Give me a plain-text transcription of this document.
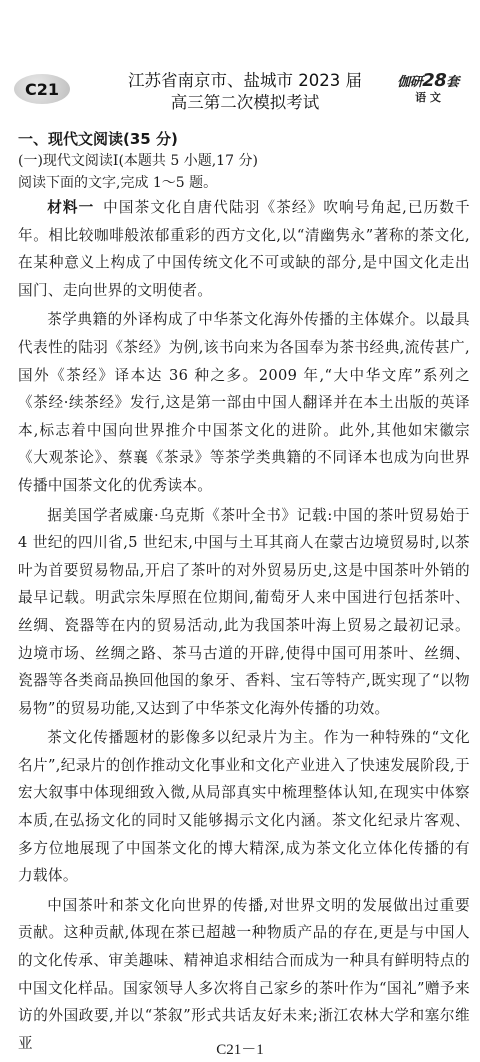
C21	江苏省南京市、盐城市 2023 届
高三第二次模拟考试
伽研28套
语 文
一、现代文阅读(35 分)
(一)现代文阅读Ⅰ(本题共 5 小题,17 分)
阅读下面的文字,完成 1～5 题。

材料一 中国茶文化自唐代陆羽《茶经》吹响号角起,已历数千年。相比较咖啡般浓郁重彩的西方文化,以“清幽隽永”著称的茶文化,在某种意义上构成了中国传统文化不可或缺的部分,是中国文化走出国门、走向世界的文明使者。

茶学典籍的外译构成了中华茶文化海外传播的主体媒介。以最具代表性的陆羽《茶经》为例,该书向来为各国奉为茶书经典,流传甚广,国外《茶经》译本达 36 种之多。2009 年,“大中华文库”系列之《茶经·续茶经》发行,这是第一部由中国人翻译并在本土出版的英译本,标志着中国向世界推介中国茶文化的进阶。此外,其他如宋徽宗《大观茶论》、蔡襄《茶录》等茶学类典籍的不同译本也成为向世界传播中国茶文化的优秀读本。

据美国学者威廉·乌克斯《茶叶全书》记载:中国的茶叶贸易始于 4 世纪的四川省,5 世纪末,中国与土耳其商人在蒙古边境贸易时,以茶叶为首要贸易物品,开启了茶叶的对外贸易历史,这是中国茶叶外销的最早记载。明武宗朱厚照在位期间,葡萄牙人来中国进行包括茶叶、丝绸、瓷器等在内的贸易活动,此为我国茶叶海上贸易之最初记录。边境市场、丝绸之路、茶马古道的开辟,使得中国可用茶叶、丝绸、瓷器等各类商品换回他国的象牙、香料、宝石等特产,既实现了“以物易物”的贸易功能,又达到了中华茶文化海外传播的功效。

茶文化传播题材的影像多以纪录片为主。作为一种特殊的“文化名片”,纪录片的创作推动文化事业和文化产业进入了快速发展阶段,于宏大叙事中体现细致入微,从局部真实中梳理整体认知,在现实中体察本质,在弘扬文化的同时又能够揭示文化内涵。茶文化纪录片客观、多方位地展现了中国茶文化的博大精深,成为茶文化立体化传播的有力载体。

中国茶叶和茶文化向世界的传播,对世界文明的发展做出过重要贡献。这种贡献,体现在茶已超越一种物质产品的存在,更是与中国人的文化传承、审美趣味、精神追求相结合而成为一种具有鲜明特点的中国文化样品。国家领导人多次将自己家乡的茶叶作为“国礼”赠予来访的外国政要,并以“茶叙”形式共话友好未来;浙江农林大学和塞尔维亚	C21－1
